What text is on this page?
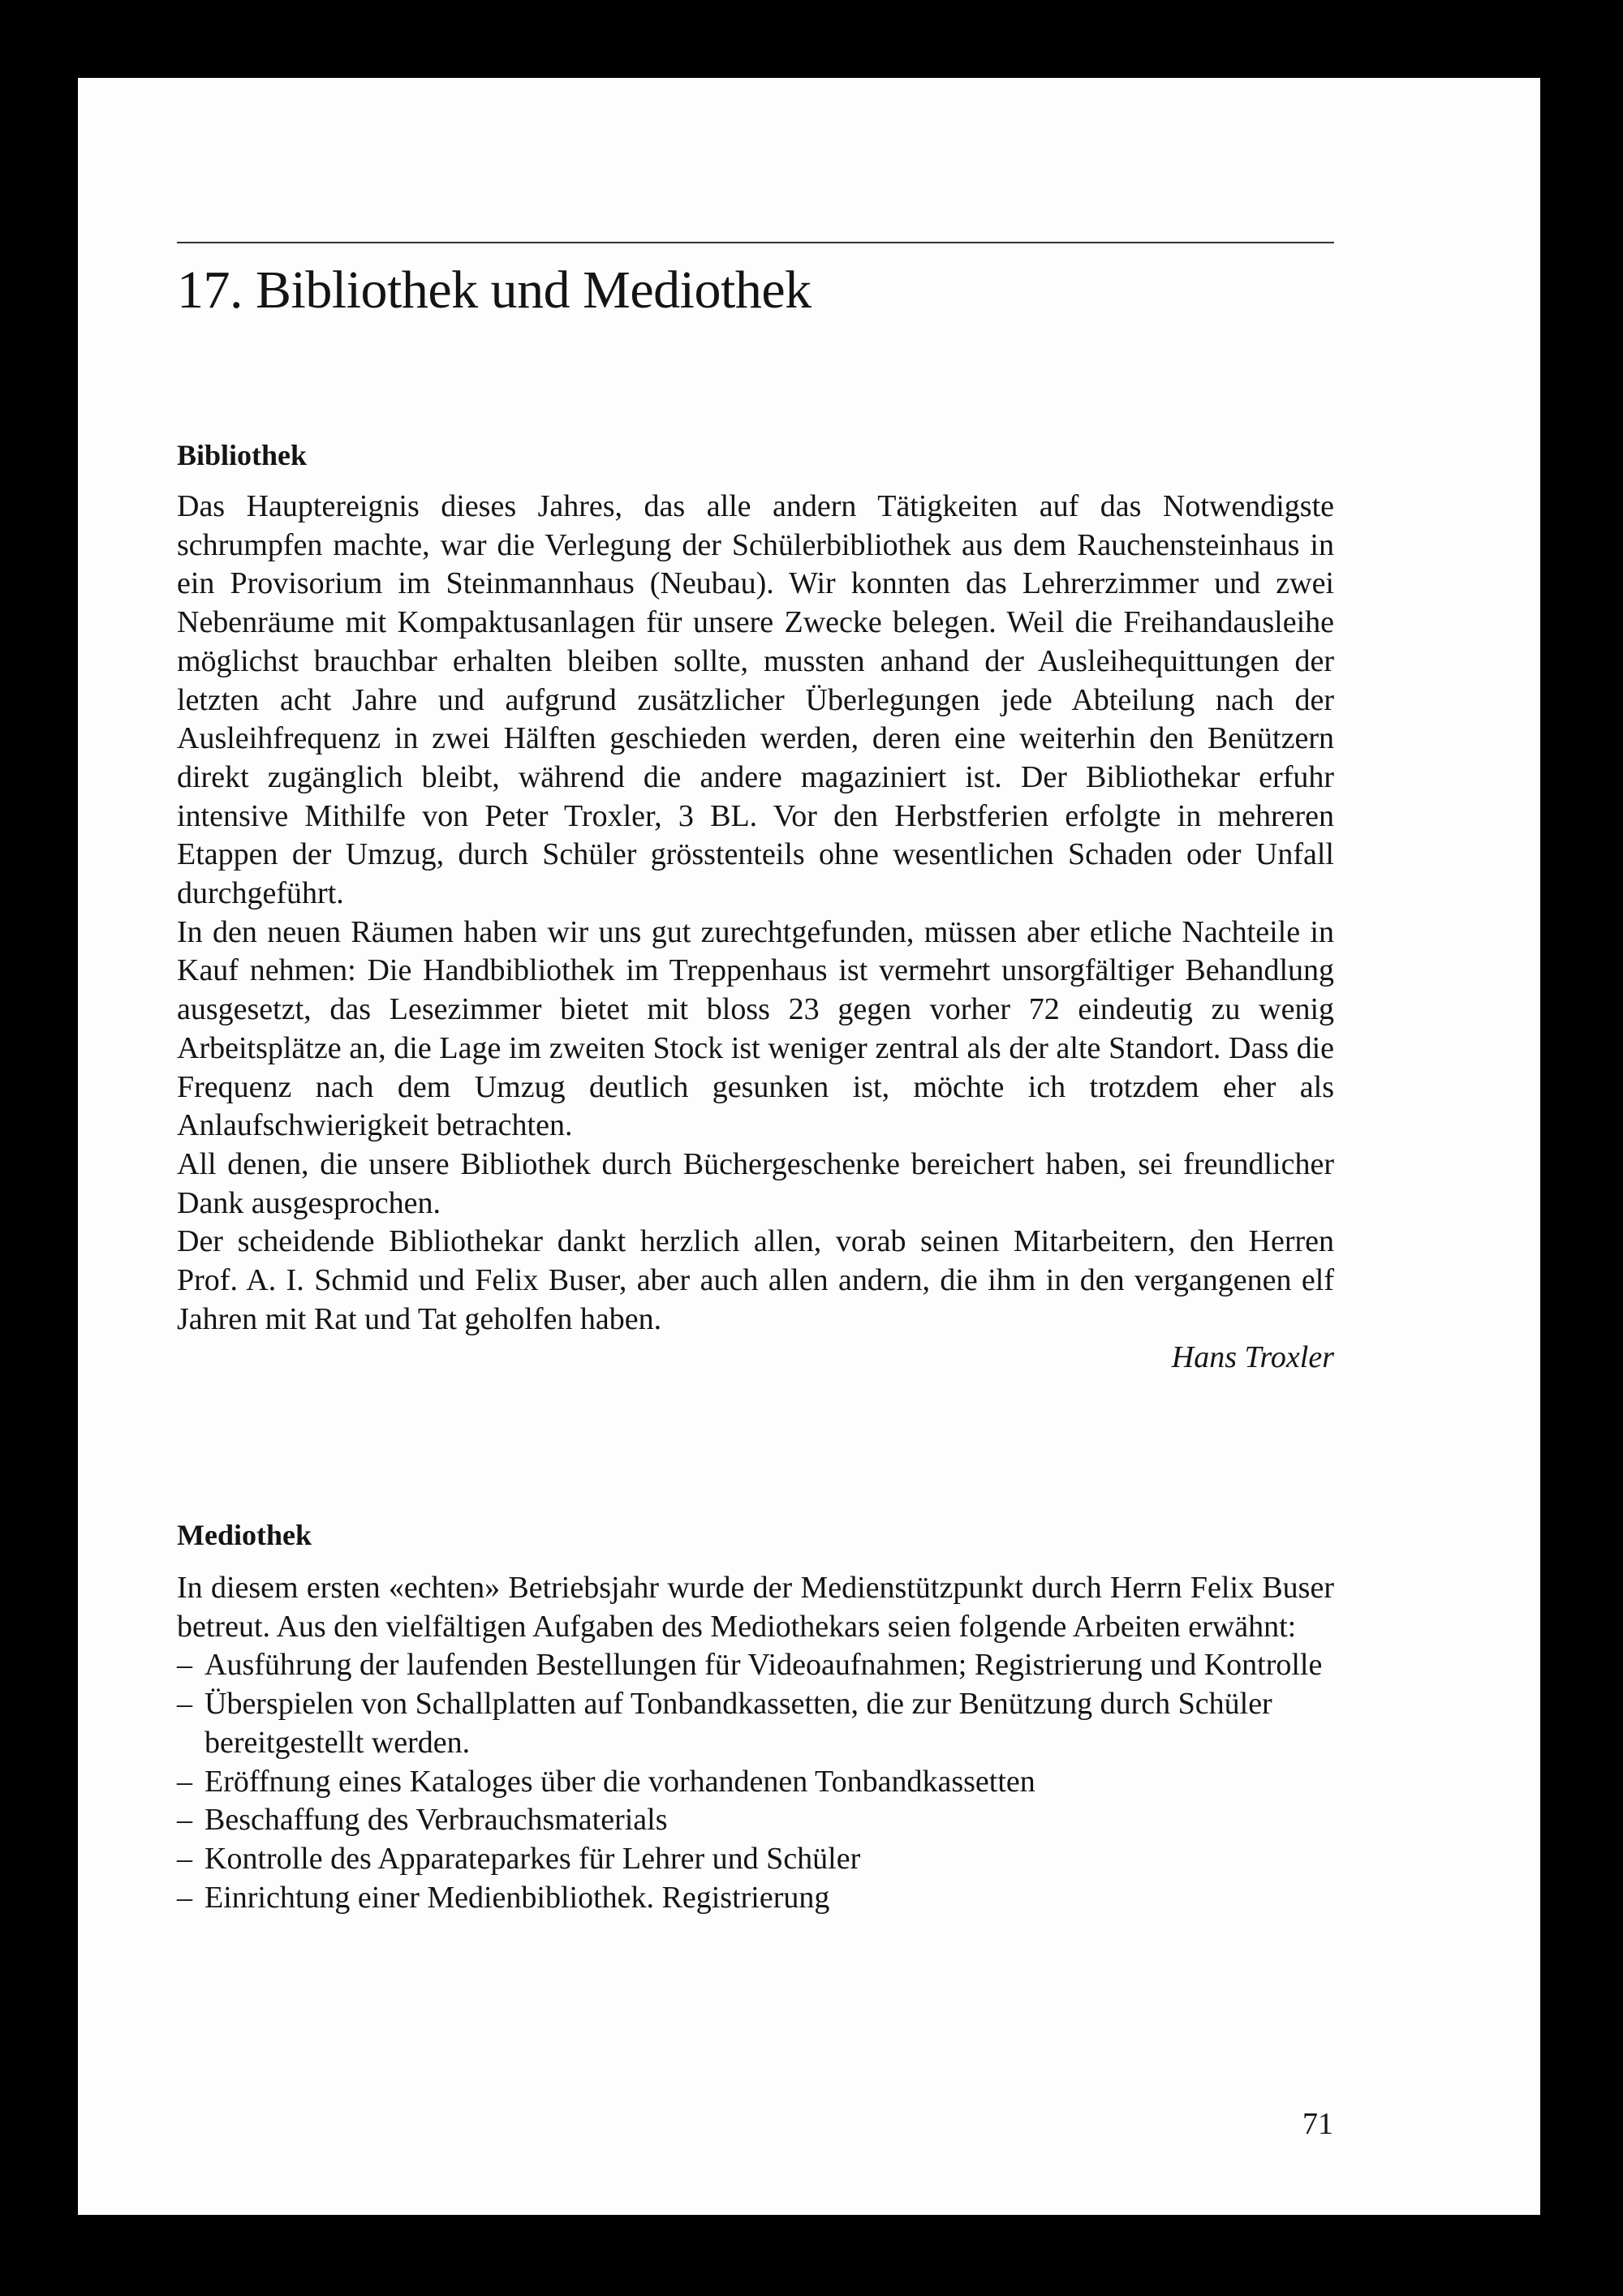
17. Bibliothek und Mediothek
Bibliothek

Das Hauptereignis dieses Jahres, das alle andern Tätigkeiten auf das Notwendigste schrumpfen machte, war die Verlegung der Schülerbibliothek aus dem Rauchensteinhaus in ein Provisorium im Steinmannhaus (Neubau). Wir konnten das Lehrerzimmer und zwei Nebenräume mit Kompaktusanlagen für unsere Zwecke belegen. Weil die Freihandausleihe möglichst brauchbar erhalten bleiben sollte, mussten anhand der Ausleihequittungen der letzten acht Jahre und aufgrund zusätzlicher Überlegungen jede Abteilung nach der Ausleihfrequenz in zwei Hälften geschieden werden, deren eine weiterhin den Benützern direkt zugänglich bleibt, während die andere magaziniert ist. Der Bibliothekar erfuhr intensive Mithilfe von Peter Troxler, 3 BL. Vor den Herbstferien erfolgte in mehreren Etappen der Umzug, durch Schüler grösstenteils ohne wesentlichen Schaden oder Unfall durchgeführt.

In den neuen Räumen haben wir uns gut zurechtgefunden, müssen aber etliche Nachteile in Kauf nehmen: Die Handbibliothek im Treppenhaus ist vermehrt unsorgfältiger Behandlung ausgesetzt, das Lesezimmer bietet mit bloss 23 gegen vorher 72 eindeutig zu wenig Arbeitsplätze an, die Lage im zweiten Stock ist weniger zentral als der alte Standort. Dass die Frequenz nach dem Umzug deutlich gesunken ist, möchte ich trotzdem eher als Anlaufschwierigkeit betrachten.

All denen, die unsere Bibliothek durch Büchergeschenke bereichert haben, sei freundlicher Dank ausgesprochen.

Der scheidende Bibliothekar dankt herzlich allen, vorab seinen Mitarbeitern, den Herren Prof. A. I. Schmid und Felix Buser, aber auch allen andern, die ihm in den vergangenen elf Jahren mit Rat und Tat geholfen haben.

Hans Troxler

Mediothek

In diesem ersten «echten» Betriebsjahr wurde der Medienstützpunkt durch Herrn Felix Buser betreut. Aus den vielfältigen Aufgaben des Mediothekars seien folgende Arbeiten erwähnt:

– Ausführung der laufenden Bestellungen für Videoaufnahmen; Registrierung und Kontrolle
– Überspielen von Schallplatten auf Tonbandkassetten, die zur Benützung durch Schüler bereitgestellt werden.
– Eröffnung eines Kataloges über die vorhandenen Tonbandkassetten
– Beschaffung des Verbrauchsmaterials
– Kontrolle des Apparateparkes für Lehrer und Schüler
– Einrichtung einer Medienbibliothek. Registrierung
71
